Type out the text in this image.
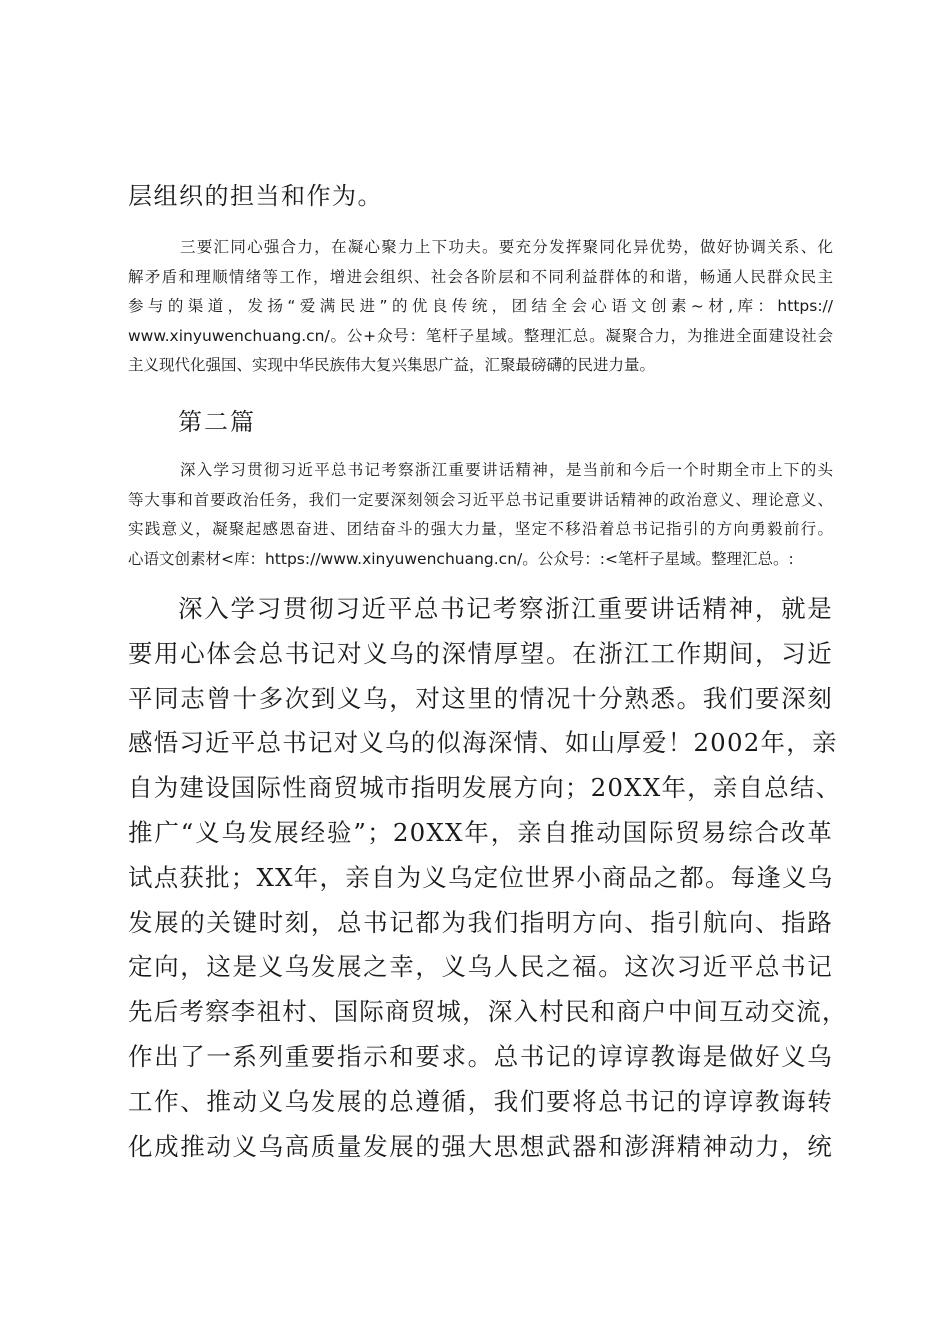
层组织的担当和作为。
三要汇同心强合力，在凝心聚力上下功夫。要充分发挥聚同化异优势，做好协调关系、化
解矛盾和理顺情绪等工作，增进会组织、社会各阶层和不同利益群体的和谐，畅通人民群众民主
参与的渠道，发扬“爱满民进”的优良传统，团结全会心语文创素~材,库：https://
www.xinyuwenchuang.cn/。公+众号：笔杆子星域。整理汇总。凝聚合力，为推进全面建设社会
主义现代化强国、实现中华民族伟大复兴集思广益，汇聚最磅礴的民进力量。
第二篇
深入学习贯彻习近平总书记考察浙江重要讲话精神，是当前和今后一个时期全市上下的头
等大事和首要政治任务，我们一定要深刻领会习近平总书记重要讲话精神的政治意义、理论意义、
实践意义，凝聚起感恩奋进、团结奋斗的强大力量，坚定不移沿着总书记指引的方向勇毅前行。
心语文创素材<库：https://www.xinyuwenchuang.cn/。公众号：:<笔杆子星域。整理汇总。:
深入学习贯彻习近平总书记考察浙江重要讲话精神，就是
要用心体会总书记对义乌的深情厚望。在浙江工作期间，习近
平同志曾十多次到义乌，对这里的情况十分熟悉。我们要深刻
感悟习近平总书记对义乌的似海深情、如山厚爱！2002年，亲
自为建设国际性商贸城市指明发展方向；20XX年，亲自总结、
推广“义乌发展经验”；20XX年，亲自推动国际贸易综合改革
试点获批；XX年，亲自为义乌定位世界小商品之都。每逢义乌
发展的关键时刻，总书记都为我们指明方向、指引航向、指路
定向，这是义乌发展之幸，义乌人民之福。这次习近平总书记
先后考察李祖村、国际商贸城，深入村民和商户中间互动交流，
作出了一系列重要指示和要求。总书记的谆谆教诲是做好义乌
工作、推动义乌发展的总遵循，我们要将总书记的谆谆教诲转
化成推动义乌高质量发展的强大思想武器和澎湃精神动力，统
